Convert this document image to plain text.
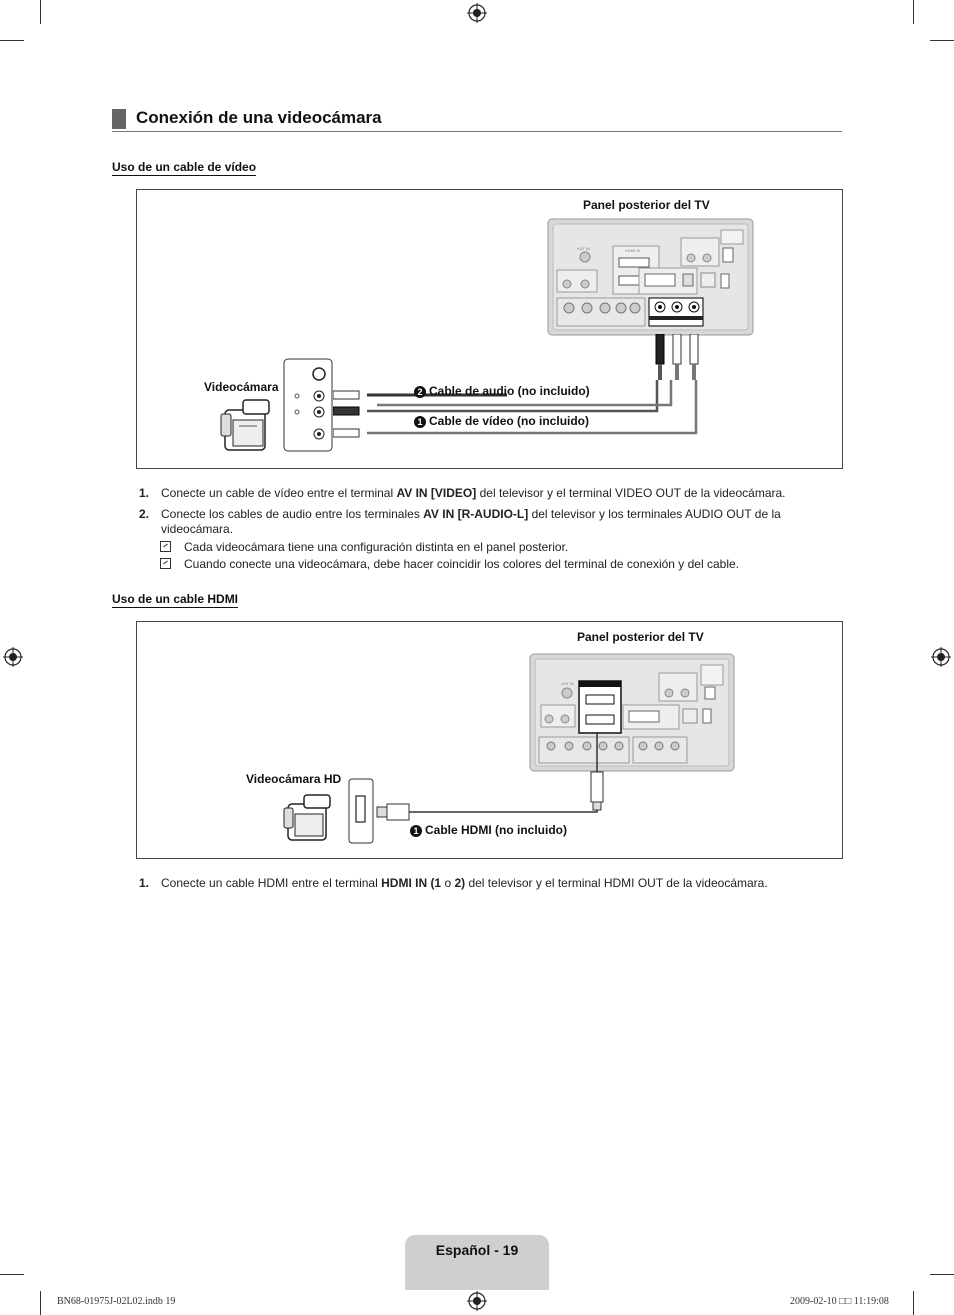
Conexión de una videocámara
Uso de un cable de vídeo
Panel posterior del TV
ANT IN	HDMI IN
Videocámara	2 Cable de audio (no incluido)
1 Cable de vídeo (no incluido)
1. Conecte un cable de vídeo entre el terminal AV IN [VIDEO] del televisor y el terminal VIDEO OUT de la videocámara.
2. Conecte los cables de audio entre los terminales AV IN [R-AUDIO-L] del televisor y los terminales AUDIO OUT de la videocámara.
Cada videocámara tiene una configuración distinta en el panel posterior.
Cuando conecte una videocámara, debe hacer coincidir los colores del terminal de conexión y del cable.
Uso de un cable HDMI
Panel posterior del TV
ANT IN
Videocámara HD
1 Cable HDMI (no incluido)
1. Conecte un cable HDMI entre el terminal HDMI IN (1 o 2) del televisor y el terminal HDMI OUT de la videocámara.
Español - 19
BN68-01975J-02L02.indb 19	2009-02-10 □□ 11:19:08
